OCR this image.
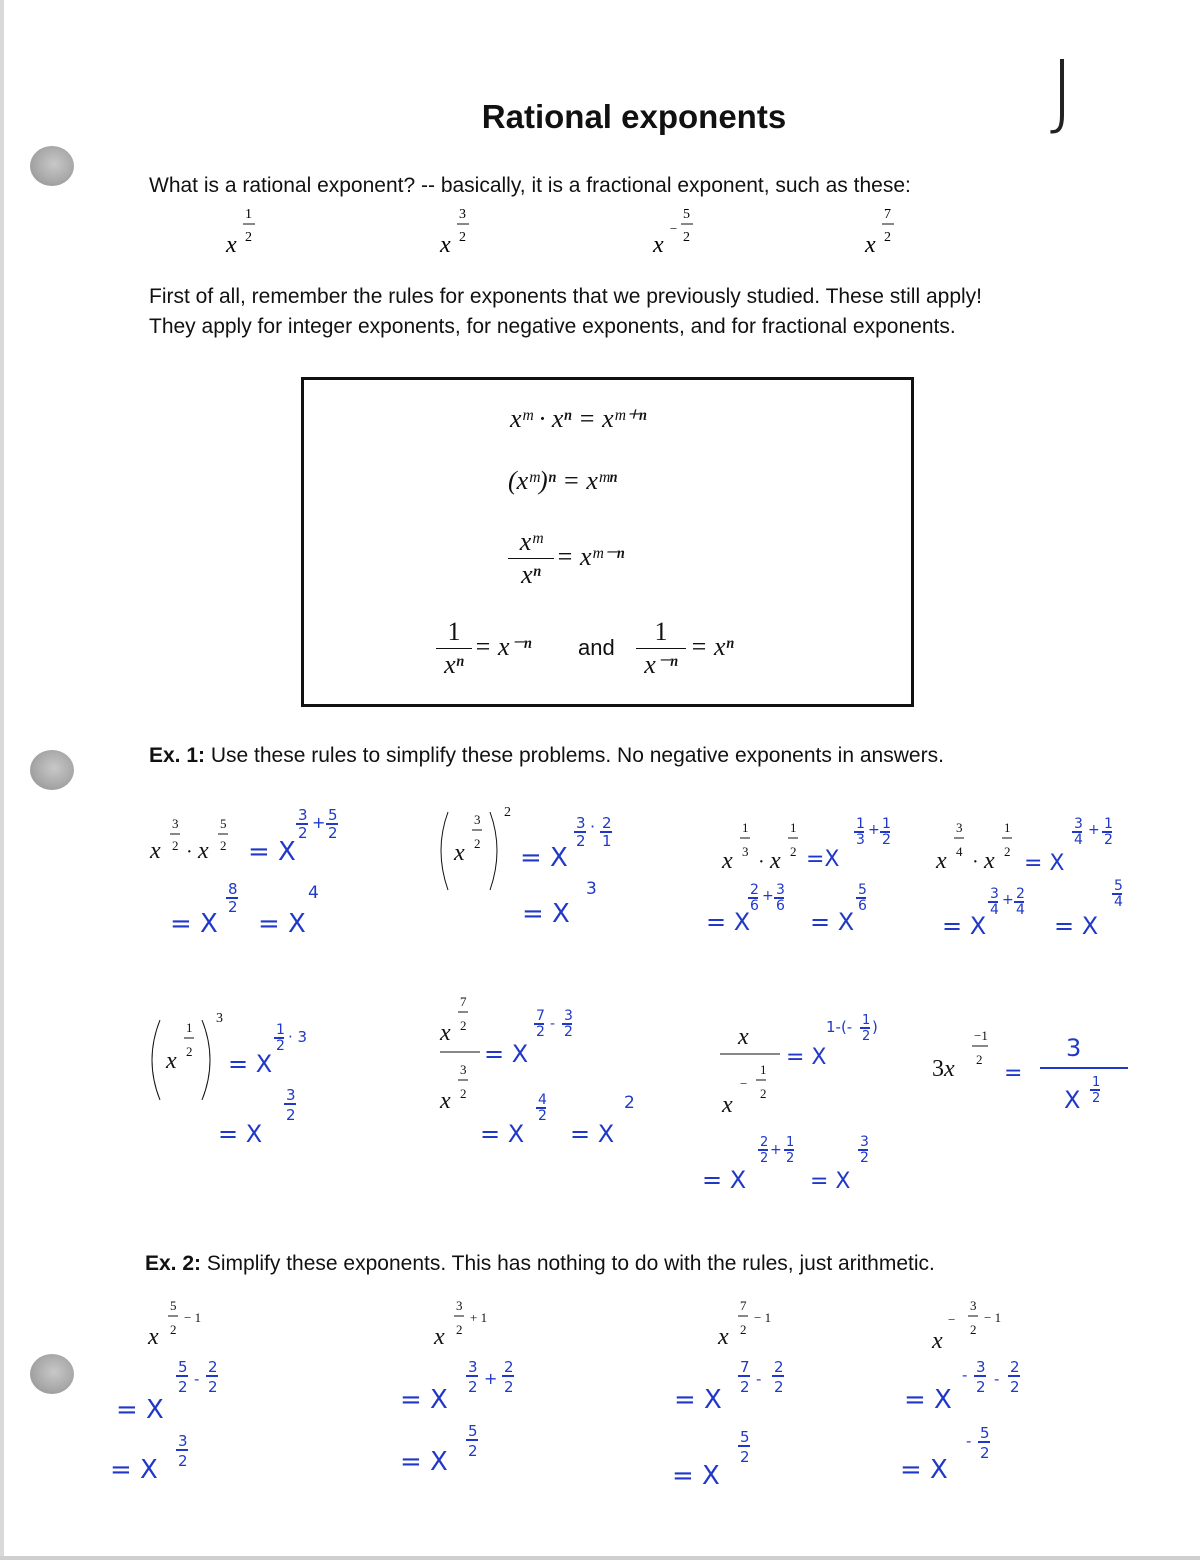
Rational exponents	J
What is a rational exponent? -- basically, it is a fractional exponent, such as these:
x
1
2	x
3
2	x
−
5
2	x
7
2
First of all, remember the rules for exponents that we previously studied. These still apply!
They apply for integer exponents, for negative exponents, and for fractional exponents.
xᵐ · xⁿ = xᵐ⁺ⁿ
(xᵐ)ⁿ = xᵐⁿ
xᵐ
xⁿ
= xᵐ⁻ⁿ
1
xⁿ
= x⁻ⁿ and
1
x⁻ⁿ
= xⁿ
Ex. 1: Use these rules to simplify these problems. No negative exponents in answers.
x
3
2 · x
5
2	x
3
2
2
x
1
3 · x
1
2	x
3
4 · x
1
2
x
1
2
3
x
7
2
x
3
2
x
x
−
1
2
3x
−1
2
= X
3
2
+ 5
2
= X
8
2
= X
4
= X
3
2
· 2
1
= X
3
=X
1
3
+ 1
2
= X
2
6
+ 3
6
= X
5
6
= X
3
4
+ 1
2
= X
3
4
+ 2
4
= X
5
4
= X
1
2 · 3
= X
3
2
= X
7
2 - 3
2
= X
4
2
= X
2
= X
1-(- 1
2
)
= X
2
2
+ 1
2
= X
3
2
=
3
X
1
2
Ex. 2: Simplify these exponents. This has nothing to do with the rules, just arithmetic.
x
5
2
− 1
x
3
2
+ 1
x
7
2
− 1
x
−
3
2
− 1
= X
5
2 -
2
2
= X
3
2
= X
3
2 +
2
2
= X
5
2
= X
7
2 -
2
2
= X
5
2
= X
- 3
2 -
2
2
= X
- 5
2
